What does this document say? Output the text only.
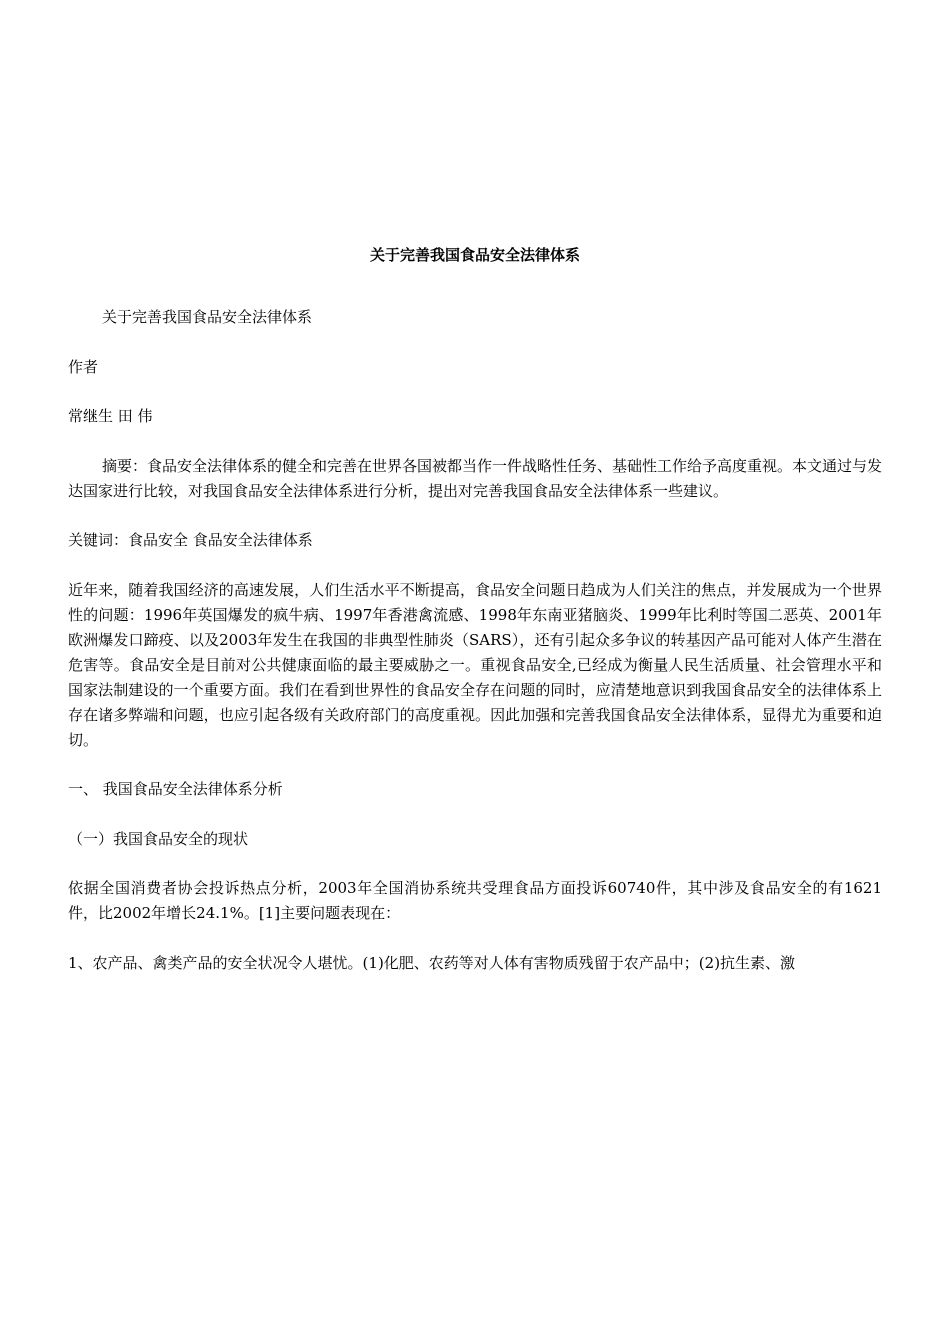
关于完善我国食品安全法律体系

关于完善我国食品安全法律体系

作者

常继生 田 伟

摘要：食品安全法律体系的健全和完善在世界各国被都当作一件战略性任务、基础性工作给予高度重视。本文通过与发达国家进行比较，对我国食品安全法律体系进行分析，提出对完善我国食品安全法律体系一些建议。

关键词：食品安全 食品安全法律体系

近年来，随着我国经济的高速发展，人们生活水平不断提高，食品安全问题日趋成为人们关注的焦点，并发展成为一个世界性的问题：1996年英国爆发的疯牛病、1997年香港禽流感、1998年东南亚猪脑炎、1999年比利时等国二恶英、2001年欧洲爆发口蹄疫、以及2003年发生在我国的非典型性肺炎（SARS），还有引起众多争议的转基因产品可能对人体产生潜在危害等。食品安全是目前对公共健康面临的最主要威胁之一。重视食品安全,已经成为衡量人民生活质量、社会管理水平和国家法制建设的一个重要方面。我们在看到世界性的食品安全存在问题的同时，应清楚地意识到我国食品安全的法律体系上存在诸多弊端和问题，也应引起各级有关政府部门的高度重视。因此加强和完善我国食品安全法律体系，显得尤为重要和迫切。

一、 我国食品安全法律体系分析

（一）我国食品安全的现状

依据全国消费者协会投诉热点分析，2003年全国消协系统共受理食品方面投诉60740件，其中涉及食品安全的有1621件，比2002年增长24.1%。[1]主要问题表现在：

1、农产品、禽类产品的安全状况令人堪忧。(1)化肥、农药等对人体有害物质残留于农产品中；(2)抗生素、激
